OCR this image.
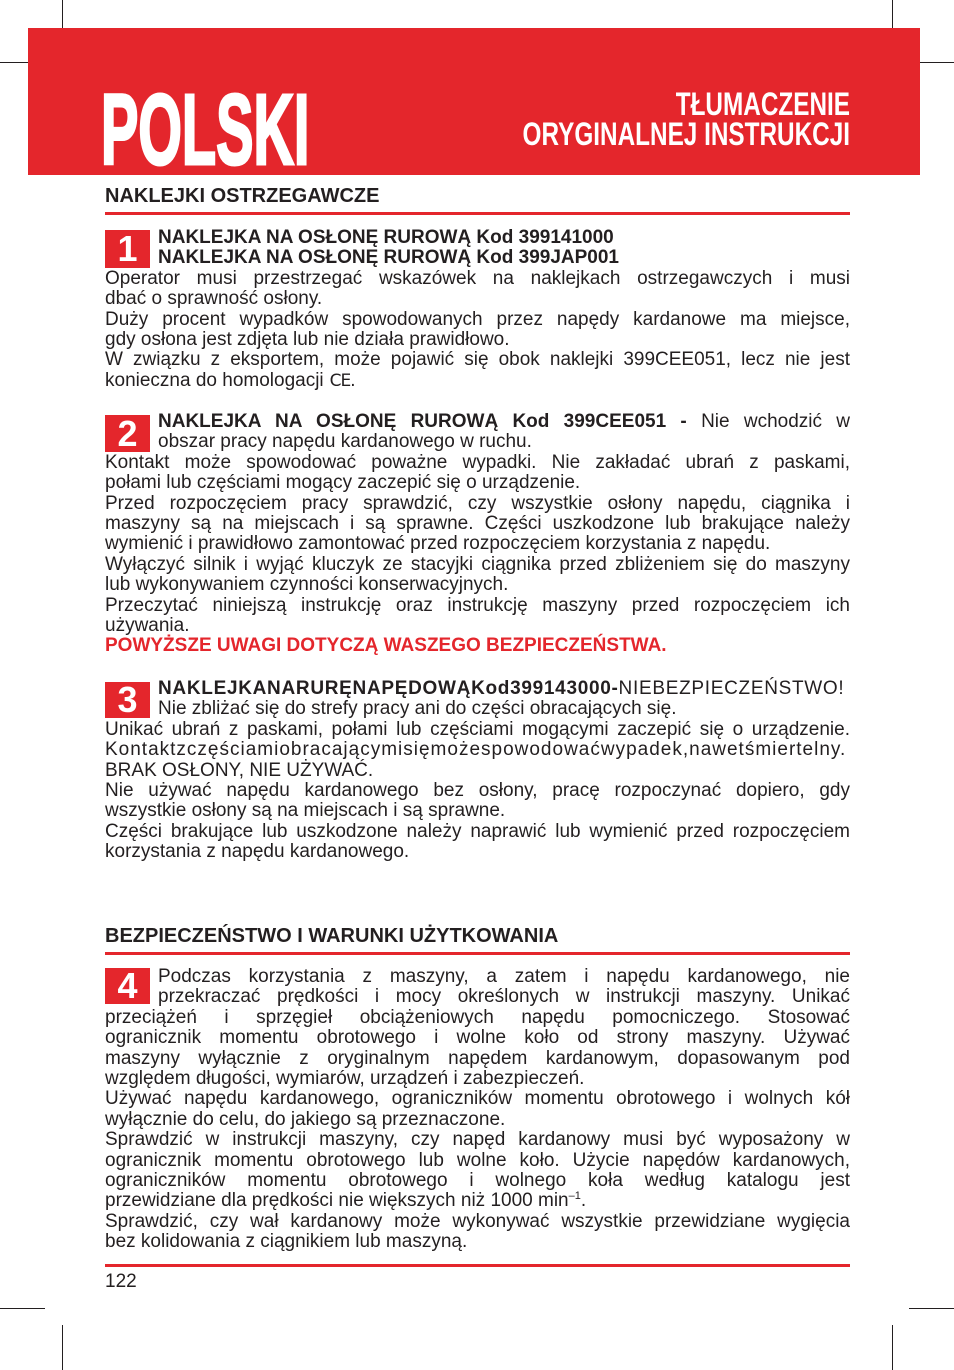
POLSKI	TŁUMACZENIE
ORYGINALNEJ INSTRUKCJI
NAKLEJKI OSTRZEGAWCZE
1	NAKLEJKA NA OSŁONĘ RUROWĄ Kod 399141000
NAKLEJKA NA OSŁONĘ RUROWĄ Kod 399JAP001
Operator musi przestrzegać wskazówek na naklejkach ostrzegawczych i musi
dbać o sprawność osłony.
Duży procent wypadków spowodowanych przez napędy kardanowe ma miejsce,
gdy osłona jest zdjęta lub nie działa prawidłowo.
W związku z eksportem, może pojawić się obok naklejki 399CEE051, lecz nie jest
konieczna do homologacji CE.
2	NAKLEJKA NA OSŁONĘ RUROWĄ Kod 399CEE051 - Nie wchodzić w
obszar pracy napędu kardanowego w ruchu.
Kontakt może spowodować poważne wypadki. Nie zakładać ubrań z paskami,
połami lub częściami mogący zaczepić się o urządzenie.
Przed rozpoczęciem pracy sprawdzić, czy wszystkie osłony napędu, ciągnika i
maszyny są na miejscach i są sprawne. Części uszkodzone lub brakujące należy
wymienić i prawidłowo zamontować przed rozpoczęciem korzystania z napędu.
Wyłączyć silnik i wyjąć kluczyk ze stacyjki ciągnika przed zbliżeniem się do maszyny
lub wykonywaniem czynności konserwacyjnych.
Przeczytać niniejszą instrukcję oraz instrukcję maszyny przed rozpoczęciem ich
używania.
POWYŻSZE UWAGI DOTYCZĄ WASZEGO BEZPIECZEŃSTWA.
3	NAKLEJKANARURĘNAPĘDOWĄKod399143000-NIEBEZPIECZEŃSTWO!
Nie zbliżać się do strefy pracy ani do części obracających się.
Unikać ubrań z paskami, połami lub częściami mogącymi zaczepić się o urządzenie.
Kontaktzczęściamiobracającymisięmożespowodowaćwypadek,nawetśmiertelny.
BRAK OSŁONY, NIE UŻYWAĆ.
Nie używać napędu kardanowego bez osłony, pracę rozpoczynać dopiero, gdy
wszystkie osłony są na miejscach i są sprawne.
Części brakujące lub uszkodzone należy naprawić lub wymienić przed rozpoczęciem
korzystania z napędu kardanowego.
BEZPIECZEŃSTWO I WARUNKI UŻYTKOWANIA
4	Podczas korzystania z maszyny, a zatem i napędu kardanowego, nie
przekraczać prędkości i mocy określonych w instrukcji maszyny. Unikać
przeciążeń i sprzęgieł obciążeniowych napędu pomocniczego. Stosować
ogranicznik momentu obrotowego i wolne koło od strony maszyny. Używać
maszyny wyłącznie z oryginalnym napędem kardanowym, dopasowanym pod
względem długości, wymiarów, urządzeń i zabezpieczeń.
Używać napędu kardanowego, ograniczników momentu obrotowego i wolnych kół
wyłącznie do celu, do jakiego są przeznaczone.
Sprawdzić w instrukcji maszyny, czy napęd kardanowy musi być wyposażony w
ogranicznik momentu obrotowego lub wolne koło. Użycie napędów kardanowych,
ograniczników momentu obrotowego i wolnego koła według katalogu jest
przewidziane dla prędkości nie większych niż 1000 $\min^{-1}$.
Sprawdzić, czy wał kardanowy może wykonywać wszystkie przewidziane wygięcia
bez kolidowania z ciągnikiem lub maszyną.
122
